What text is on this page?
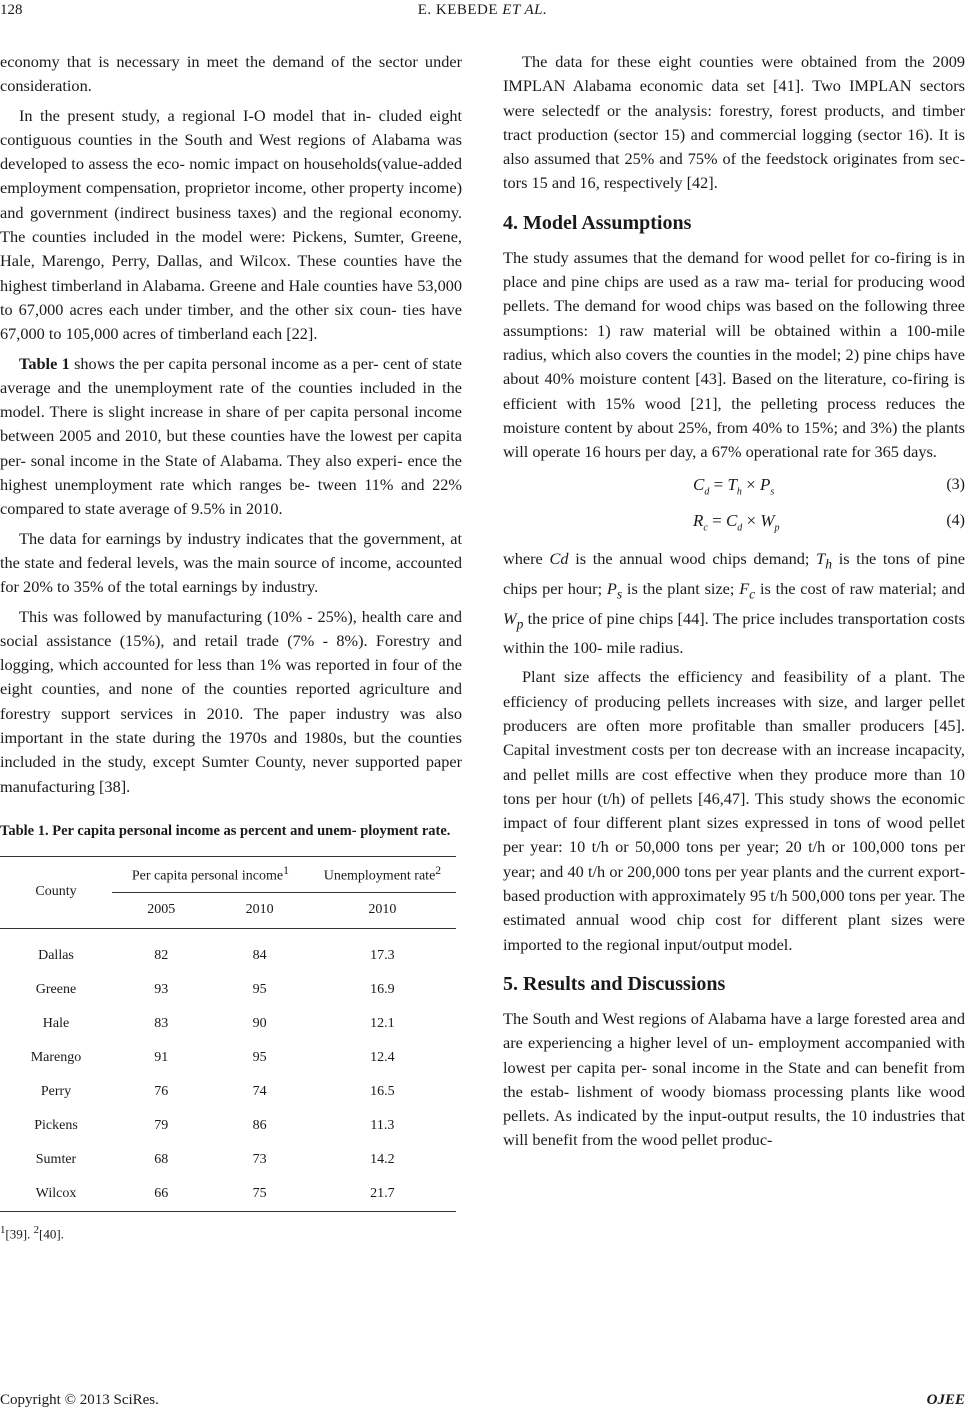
128	E. KEBEDE ET AL.

economy that is necessary in meet the demand of the sector under consideration.

In the present study, a regional I-O model that in- cluded eight contiguous counties in the South and West regions of Alabama was developed to assess the eco- nomic impact on households(value-added employment compensation, proprietor income, other property income) and government (indirect business taxes) and the regional economy. The counties included in the model were: Pickens, Sumter, Greene, Hale, Marengo, Perry, Dallas, and Wilcox. These counties have the highest timberland in Alabama. Greene and Hale counties have 53,000 to 67,000 acres each under timber, and the other six coun- ties have 67,000 to 105,000 acres of timberland each [22].

Table 1 shows the per capita personal income as a per- cent of state average and the unemployment rate of the counties included in the model. There is slight increase in share of per capita personal income between 2005 and 2010, but these counties have the lowest per capita per- sonal income in the State of Alabama. They also experi- ence the highest unemployment rate which ranges be- tween 11% and 22% compared to state average of 9.5% in 2010.

The data for earnings by industry indicates that the government, at the state and federal levels, was the main source of income, accounted for 20% to 35% of the total earnings by industry.

This was followed by manufacturing (10% - 25%), health care and social assistance (15%), and retail trade (7% - 8%). Forestry and logging, which accounted for less than 1% was reported in four of the eight counties, and none of the counties reported agriculture and forestry support services in 2010. The paper industry was also important in the state during the 1970s and 1980s, but the counties included in the study, except Sumter County, never supported paper manufacturing [38].

Table 1. Per capita personal income as percent and unem- ployment rate.
County	Per capita personal income$^1$		Unemployment rate$^2$
	2005	2010	2010

Dallas	82	84	17.3
Greene	93	95	16.9
Hale	83	90	12.1
Marengo	91	95	12.4
Perry	76	74	16.5
Pickens	79	86	11.3
Sumter	68	73	14.2
Wilcox	66	75	21.7
$^1$[39]. $^2$[40].

The data for these eight counties were obtained from the 2009 IMPLAN Alabama economic data set [41]. Two IMPLAN sectors were selectedf or the analysis: forestry, forest products, and timber tract production (sector 15) and commercial logging (sector 16). It is also assumed that 25% and 75% of the feedstock originates from sec- tors 15 and 16, respectively [42].

4. Model Assumptions

The study assumes that the demand for wood pellet for co-firing is in place and pine chips are used as a raw ma- terial for producing wood pellets. The demand for wood chips was based on the following three assumptions: 1) raw material will be obtained within a 100-mile radius, which also covers the counties in the model; 2) pine chips have about 40% moisture content [43]. Based on the literature, co-firing is efficient with 15% wood [21], the pelleting process reduces the moisture content by about 25%, from 40% to 15%; and 3%) the plants will operate 16 hours per day, a 67% operational rate for 365 days.

$C_d = T_h \times P_s$	(3)
$R_c = C_d \times W_p$	(4)

where Cd is the annual wood chips demand; $T_h$ is the tons of pine chips per hour; $P_s$ is the plant size; $F_c$ is the cost of raw material; and $W_p$ the price of pine chips [44]. The price includes transportation costs within the 100- mile radius.

Plant size affects the efficiency and feasibility of a plant. The efficiency of producing pellets increases with size, and larger pellet producers are often more profitable than smaller producers [45]. Capital investment costs per ton decrease with an increase incapacity, and pellet mills are cost effective when they produce more than 10 tons per hour (t/h) of pellets [46,47]. This study shows the economic impact of four different plant sizes expressed in tons of wood pellet per year: 10 t/h or 50,000 tons per year; 20 t/h or 100,000 tons per year; and 40 t/h or 200,000 tons per year plants and the current export-based production with approximately 95 t/h 500,000 tons per year. The estimated annual wood chip cost for different plant sizes were imported to the regional input/output model.

5. Results and Discussions

The South and West regions of Alabama have a large forested area and are experiencing a higher level of un- employment accompanied with lowest per capita per- sonal income in the State and can benefit from the estab- lishment of woody biomass processing plants like wood pellets. As indicated by the input-output results, the 10 industries that will benefit from the wood pellet produc-

Copyright © 2013 SciRes.	OJEE
